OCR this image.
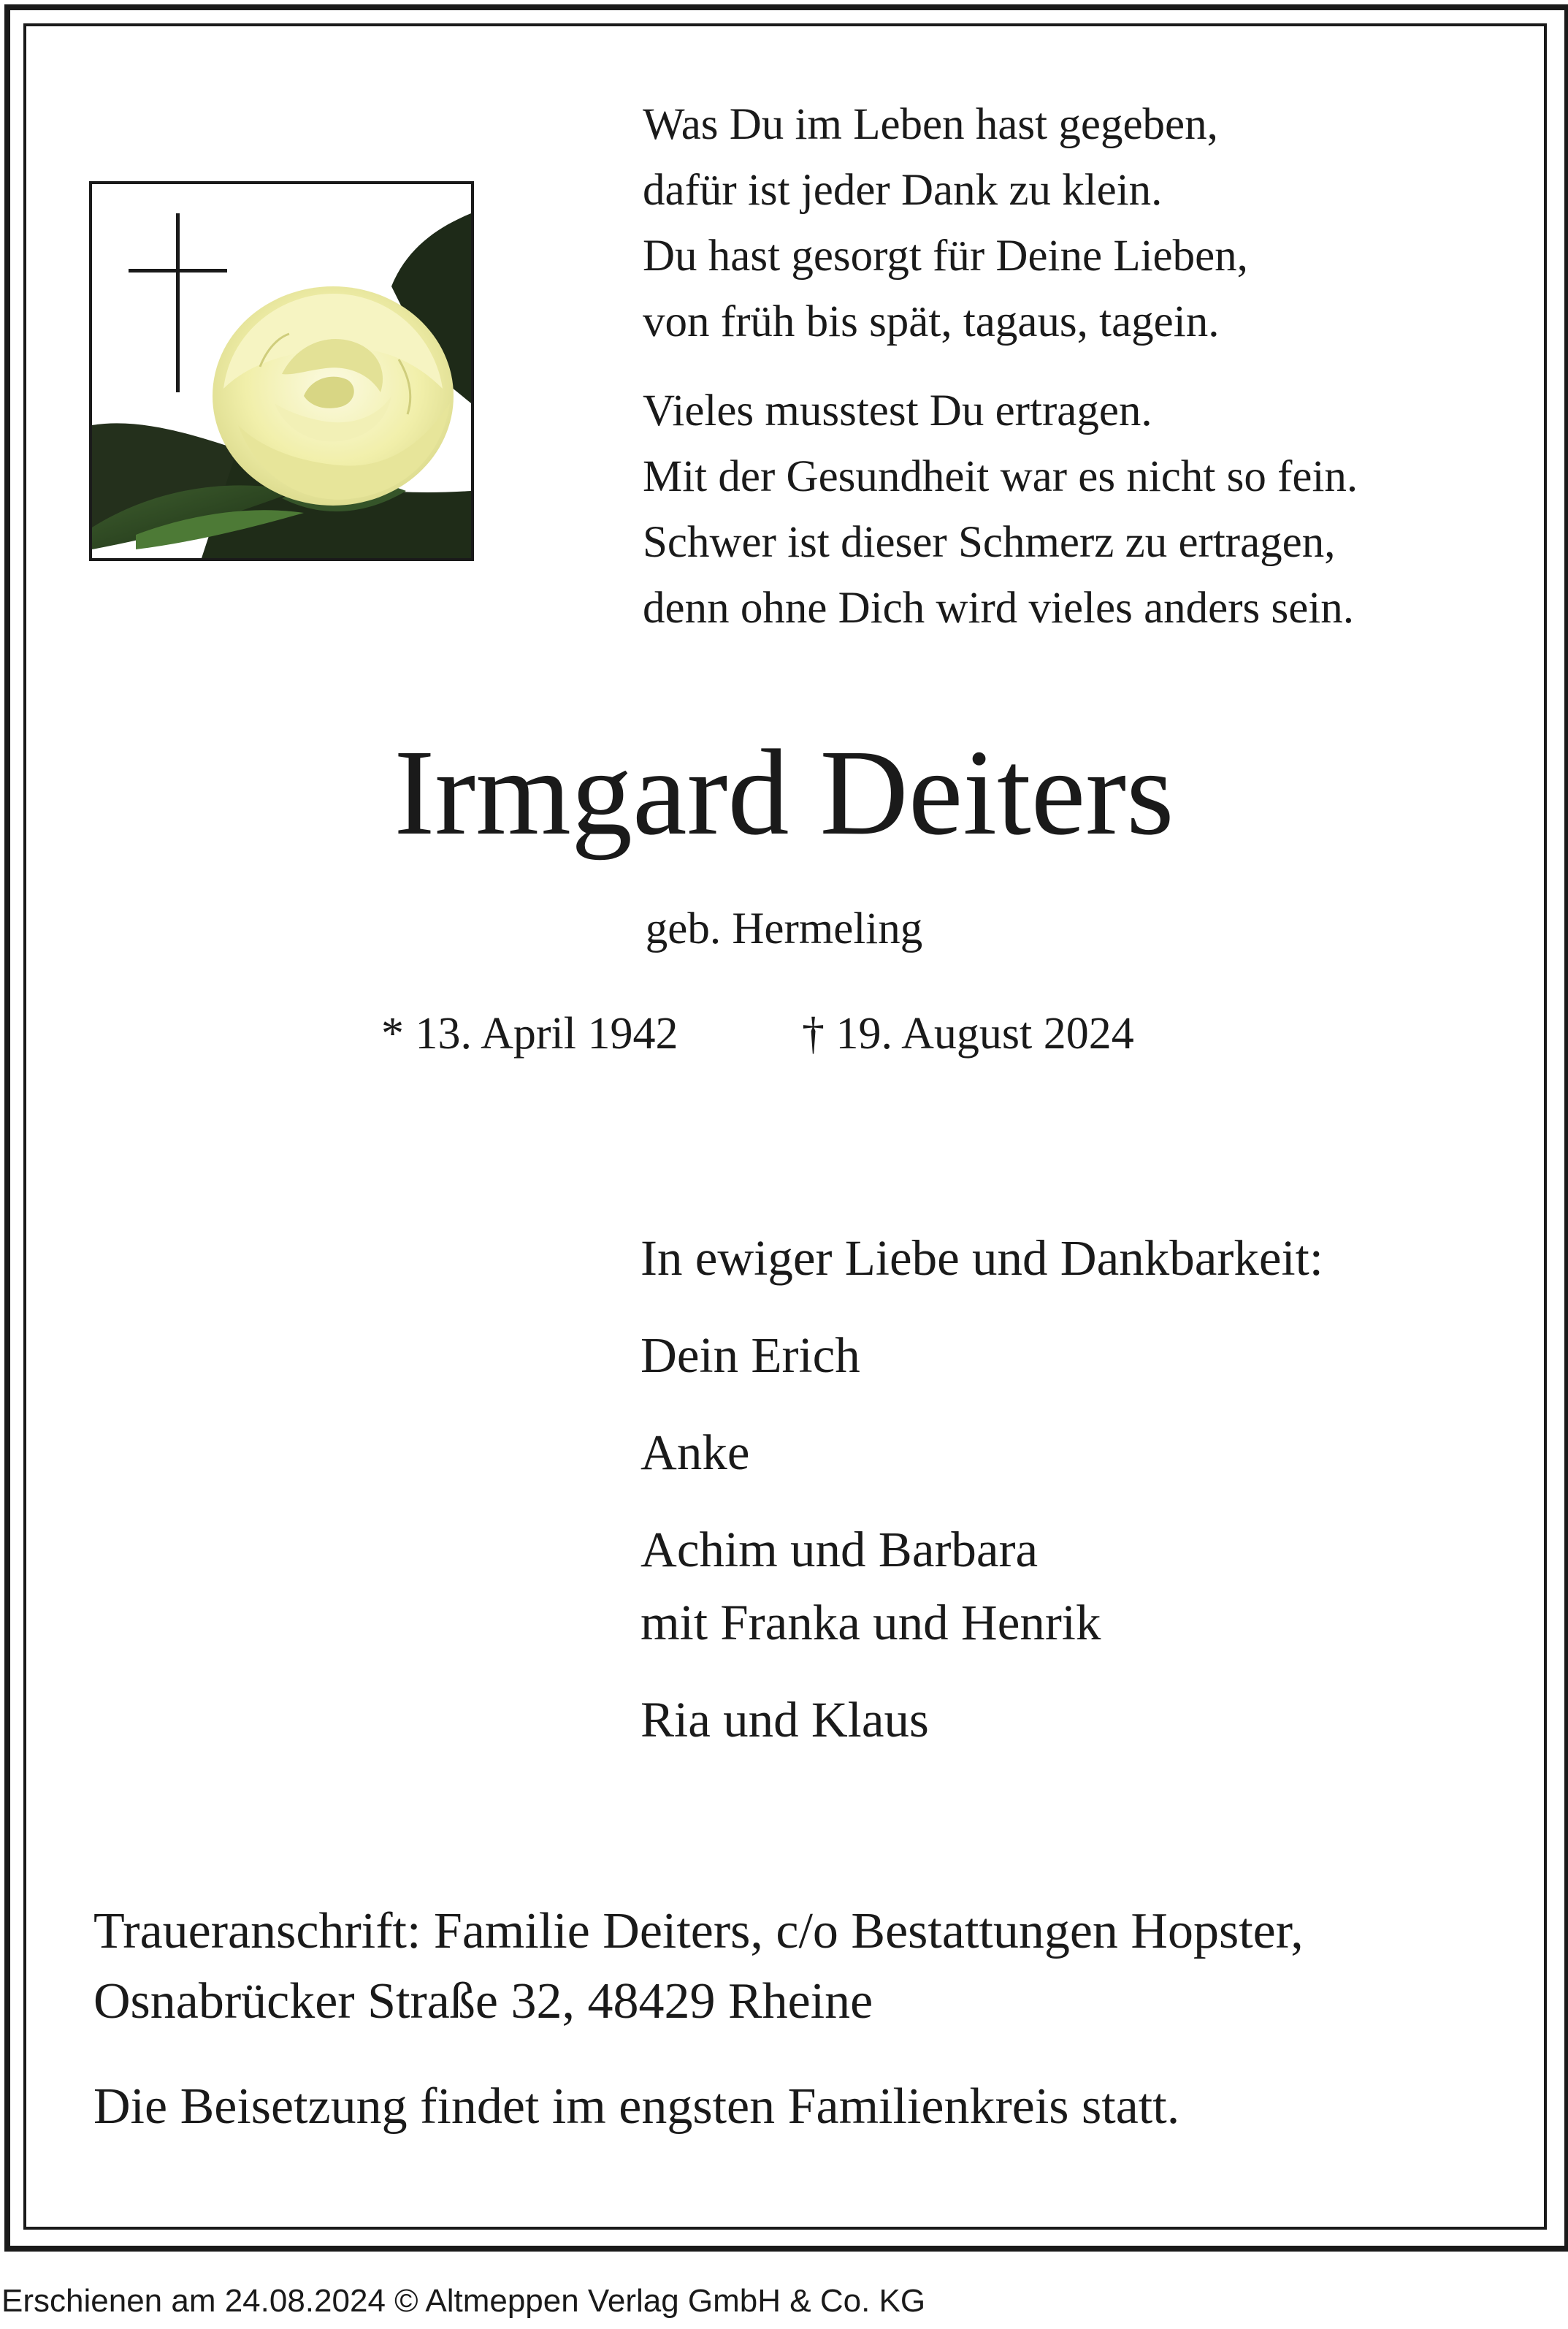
Was Du im Leben hast gegeben,
dafür ist jeder Dank zu klein.
Du hast gesorgt für Deine Lieben,
von früh bis spät, tagaus, tagein.
Vieles musstest Du ertragen.
Mit der Gesundheit war es nicht so fein.
Schwer ist dieser Schmerz zu ertragen,
denn ohne Dich wird vieles anders sein.
Irmgard Deiters
geb. Hermeling
* 13. April 1942	† 19. August 2024
In ewiger Liebe und Dankbarkeit:
Dein Erich
Anke
Achim und Barbara
mit Franka und Henrik
Ria und Klaus
Traueranschrift: Familie Deiters, c/o Bestattungen Hopster,
Osnabrücker Straße 32, 48429 Rheine
Die Beisetzung findet im engsten Familienkreis statt.
Erschienen am 24.08.2024 © Altmeppen Verlag GmbH & Co. KG
